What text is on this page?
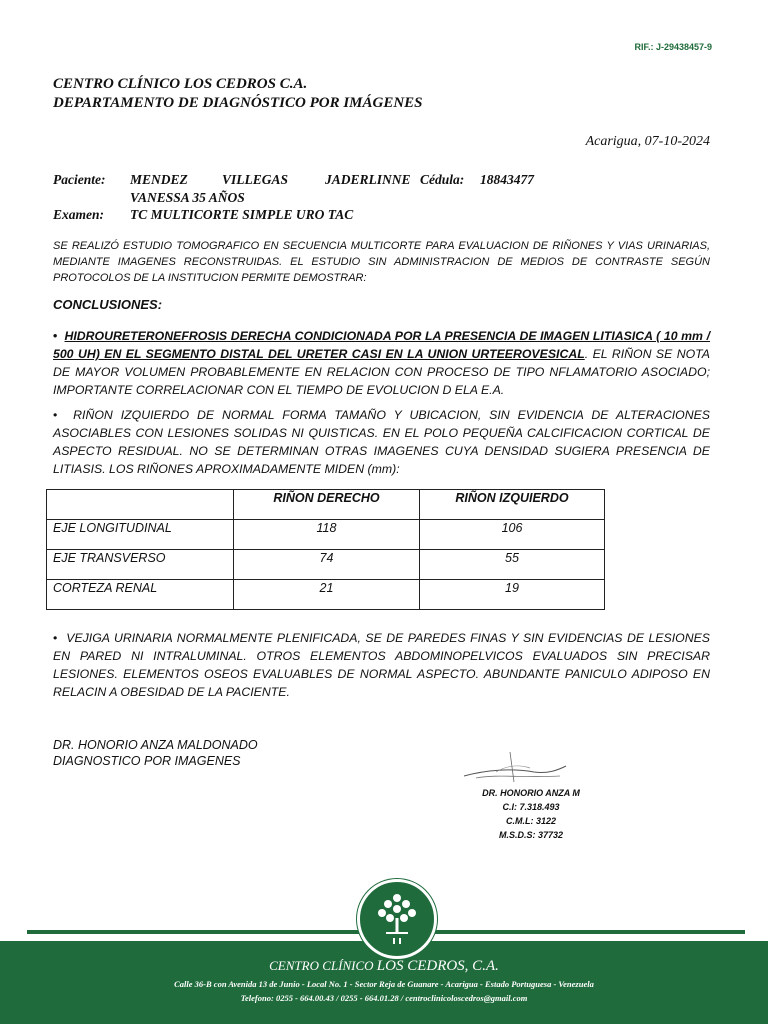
RIF.: J-29438457-9
CENTRO CLÍNICO LOS CEDROS C.A.
DEPARTAMENTO DE DIAGNÓSTICO POR IMÁGENES
Acarigua, 07-10-2024
Paciente: MENDEZ	VILLEGAS	JADERLINNE Cédula: 18843477
VANESSA 35 AÑOS
Examen: TC MULTICORTE SIMPLE URO TAC
SE REALIZÓ ESTUDIO TOMOGRAFICO EN SECUENCIA MULTICORTE PARA EVALUACION DE RIÑONES Y VIAS URINARIAS, MEDIANTE IMAGENES RECONSTRUIDAS. EL ESTUDIO SIN ADMINISTRACION DE MEDIOS DE CONTRASTE SEGÚN PROTOCOLOS DE LA INSTITUCION PERMITE DEMOSTRAR:
CONCLUSIONES:
•  HIDROURETERONEFROSIS DERECHA CONDICIONADA POR LA PRESENCIA DE IMAGEN LITIASICA ( 10 mm / 500 UH) EN EL SEGMENTO DISTAL DEL URETER CASI EN LA UNION URTEEROVESICAL. EL RIÑON SE NOTA DE MAYOR VOLUMEN PROBABLEMENTE EN RELACION CON PROCESO DE TIPO NFLAMATORIO ASOCIADO; IMPORTANTE CORRELACIONAR CON EL TIEMPO DE EVOLUCION D ELA E.A.
•  RIÑON IZQUIERDO DE NORMAL FORMA TAMAÑO Y UBICACION, SIN EVIDENCIA DE ALTERACIONES ASOCIABLES CON LESIONES SOLIDAS NI QUISTICAS. EN EL POLO PEQUEÑA CALCIFICACION CORTICAL DE ASPECTO RESIDUAL. NO SE DETERMINAN OTRAS IMAGENES CUYA DENSIDAD SUGIERA PRESENCIA DE LITIASIS. LOS RIÑONES APROXIMADAMENTE MIDEN (mm):
	RIÑON DERECHO	RIÑON IZQUIERDO
EJE LONGITUDINAL	118	106
EJE TRANSVERSO	74	55
CORTEZA RENAL	21	19
•  VEJIGA URINARIA NORMALMENTE PLENIFICADA, SE DE PAREDES FINAS Y SIN EVIDENCIAS DE LESIONES EN PARED NI INTRALUMINAL. OTROS ELEMENTOS ABDOMINOPELVICOS EVALUADOS SIN PRECISAR LESIONES. ELEMENTOS OSEOS EVALUABLES DE NORMAL ASPECTO. ABUNDANTE PANICULO ADIPOSO EN RELACIN A OBESIDAD DE LA PACIENTE.
DR. HONORIO ANZA MALDONADO
DIAGNOSTICO POR IMAGENES
DR. HONORIO ANZA M
C.I: 7.318.493
C.M.L: 3122
M.S.D.S: 37732
CENTRO CLÍNICO LOS CEDROS, C.A.
Calle 36-B con Avenida 13 de Junio - Local No. 1 - Sector Reja de Guanare - Acarigua - Estado Portuguesa - Venezuela
Telefono: 0255 - 664.00.43 / 0255 - 664.01.28 / centroclinicoloscedros@gmail.com
